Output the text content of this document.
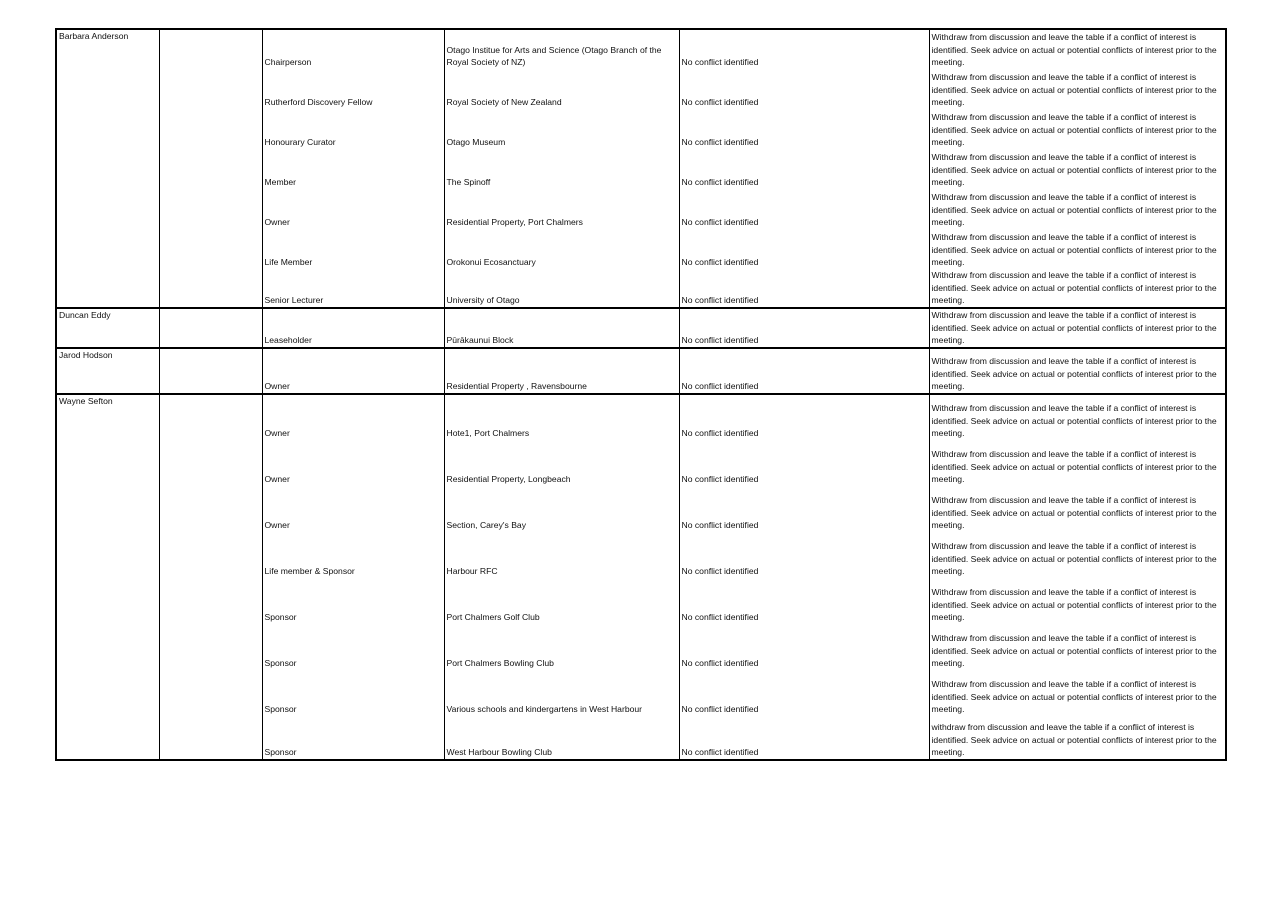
Barbara Anderson		Chairperson	Otago Institue for Arts and Science (Otago Branch of the Royal Society of NZ)	No conflict identified	Withdraw from discussion and leave the table if a conflict of interest is identified. Seek advice on actual or potential conflicts of interest prior to the meeting.
		Rutherford Discovery Fellow	Royal Society of New Zealand	No conflict identified	Withdraw from discussion and leave the table if a conflict of interest is identified. Seek advice on actual or potential conflicts of interest prior to the meeting.
		Honourary Curator	Otago Museum	No conflict identified	Withdraw from discussion and leave the table if a conflict of interest is identified. Seek advice on actual or potential conflicts of interest prior to the meeting.
		Member	The Spinoff	No conflict identified	Withdraw from discussion and leave the table if a conflict of interest is identified. Seek advice on actual or potential conflicts of interest prior to the meeting.
		Owner	Residential Property, Port Chalmers	No conflict identified	Withdraw from discussion and leave the table if a conflict of interest is identified. Seek advice on actual or potential conflicts of interest prior to the meeting.
		Life Member	Orokonui Ecosanctuary	No conflict identified	Withdraw from discussion and leave the table if a conflict of interest is identified. Seek advice on actual or potential conflicts of interest prior to the meeting.
		Senior Lecturer	University of Otago	No conflict identified	Withdraw from discussion and leave the table if a conflict of interest is identified. Seek advice on actual or potential conflicts of interest prior to the meeting.
Duncan Eddy		Leaseholder	Pūrākaunui Block	No conflict identified	Withdraw from discussion and leave the table if a conflict of interest is identified. Seek advice on actual or potential conflicts of interest prior to the meeting.
Jarod Hodson		Owner	Residential Property , Ravensbourne	No conflict identified	Withdraw from discussion and leave the table if a conflict of interest is identified. Seek advice on actual or potential conflicts of interest prior to the meeting.
Wayne Sefton		Owner	Hote1, Port Chalmers	No conflict identified	Withdraw from discussion and leave the table if a conflict of interest is identified. Seek advice on actual or potential conflicts of interest prior to the meeting.
		Owner	Residential Property, Longbeach	No conflict identified	Withdraw from discussion and leave the table if a conflict of interest is identified. Seek advice on actual or potential conflicts of interest prior to the meeting.
		Owner	Section, Carey's Bay	No conflict identified	Withdraw from discussion and leave the table if a conflict of interest is identified. Seek advice on actual or potential conflicts of interest prior to the meeting.
		Life member & Sponsor	Harbour RFC	No conflict identified	Withdraw from discussion and leave the table if a conflict of interest is identified. Seek advice on actual or potential conflicts of interest prior to the meeting.
		Sponsor	Port Chalmers Golf Club	No conflict identified	Withdraw from discussion and leave the table if a conflict of interest is identified. Seek advice on actual or potential conflicts of interest prior to the meeting.
		Sponsor	Port Chalmers Bowling Club	No conflict identified	Withdraw from discussion and leave the table if a conflict of interest is identified. Seek advice on actual or potential conflicts of interest prior to the meeting.
		Sponsor	Various schools and kindergartens in West Harbour	No conflict identified	Withdraw from discussion and leave the table if a conflict of interest is identified. Seek advice on actual or potential conflicts of interest prior to the meeting.
		Sponsor	West Harbour Bowling Club	No conflict identified	withdraw from discussion and leave the table if a conflict of interest is identified. Seek advice on actual or potential conflicts of interest prior to the meeting.
